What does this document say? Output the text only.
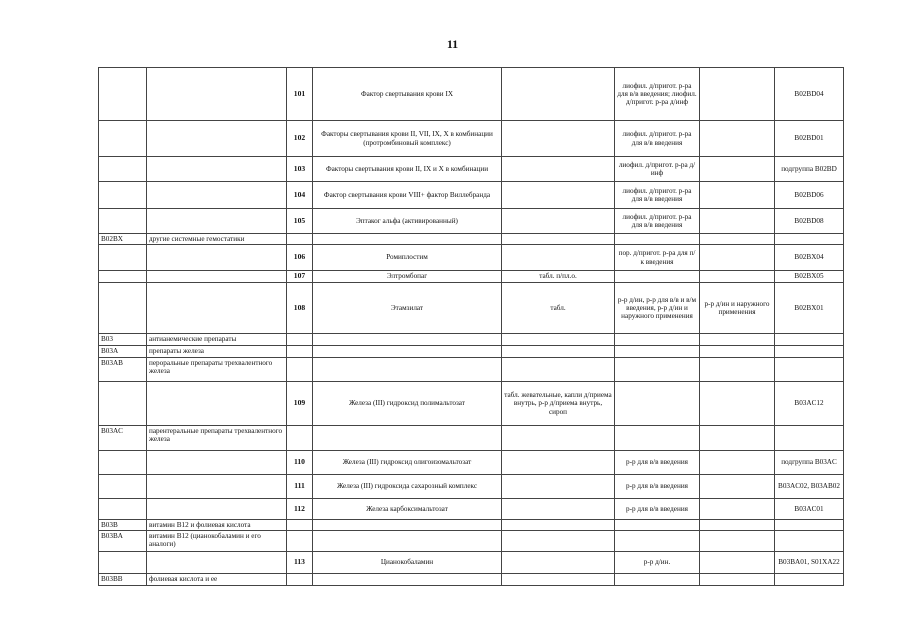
11
		101	Фактор свертывания крови IX		лиофил. д/пригот. р-ра для в/в введения; лиофил. д/пригот. р-ра д/инф		B02BD04
		102	Факторы свертывания крови II, VII, IX, X в комбинации (протромбиновый комплекс)		лиофил. д/пригот. р-ра для в/в введения		B02BD01
		103	Факторы свертывания крови II, IX и X в комбинации		лиофил. д/пригот. р-ра д/инф		подгруппа B02BD
		104	Фактор свертывания крови VIII+ фактор Виллебранда		лиофил. д/пригот. р-ра для в/в введения		B02BD06
		105	Эптаког альфа (активированный)		лиофил. д/пригот. р-ра для в/в введения		B02BD08
B02BX	другие системные гемостатики						
		106	Ромиплостим		пор. д/пригот. р-ра для п/к введения		B02BX04
		107	Элтромбопаг	табл. п/пл.о.			B02BX05
		108	Этамзилат	табл.	р-р д/ин, р-р для в/в и в/м введения, р-р д/ин и наружного применения	р-р д/ин и наружного применения	B02BX01
B03	антианемические препараты						
B03A	препараты железа						
B03AB	пероральные препараты трехвалентного железа						
		109	Железа (III) гидроксид полимальтозат	табл. жевательные, капли д/приема внутрь, р-р д/приема внутрь, сироп			B03AC12
B03AC	парентеральные препараты трехвалентного железа						
		110	Железа (III) гидроксид олигоизомальтозат		р-р для в/в введения		подгруппа B03AC
		111	Железа (III) гидроксида сахарозный комплекс		р-р для в/в введения		B03AC02, B03AB02
		112	Железа карбоксимальтозат		р-р для в/в введения		B03AC01
B03B	витамин B12 и фолиевая кислота						
B03BA	витамин B12 (цианокобаламин и его аналоги)						
		113	Цианокобаламин		р-р д/ин.		B03BA01, S01XA22
B03BB	фолиевая кислота и ее						
